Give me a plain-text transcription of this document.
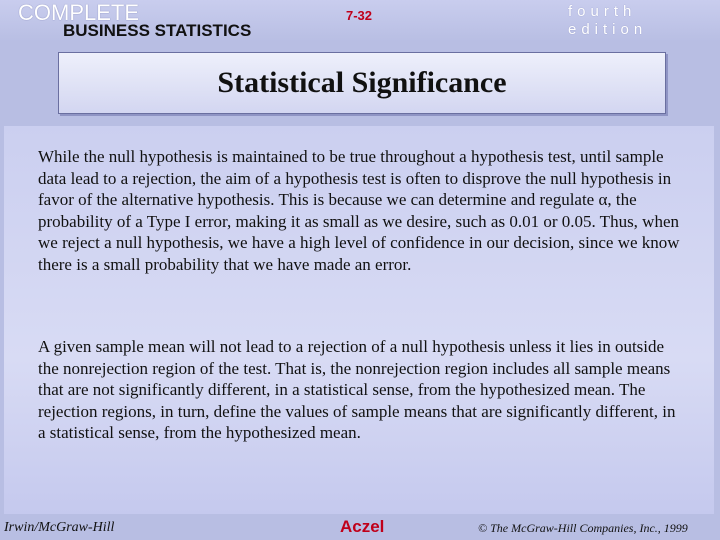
COMPLETE
BUSINESS STATISTICS
7-32	fourth edition
Statistical Significance

While the null hypothesis is maintained to be true throughout a hypothesis test, until sample data lead to a rejection, the aim of a hypothesis test is often to disprove the null hypothesis in favor of the alternative hypothesis. This is because we can determine and regulate α, the probability of a Type I error, making it as small as we desire, such as 0.01 or 0.05. Thus, when we reject a null hypothesis, we have a high level of confidence in our decision, since we know there is a small probability that we have made an error.

A given sample mean will not lead to a rejection of a null hypothesis unless it lies in outside the nonrejection region of the test. That is, the nonrejection region includes all sample means that are not significantly different, in a statistical sense, from the hypothesized mean. The rejection regions, in turn, define the values of sample means that are significantly different, in a statistical sense, from the hypothesized mean.

Irwin/McGraw-Hill	Aczel	© The McGraw-Hill Companies, Inc., 1999
